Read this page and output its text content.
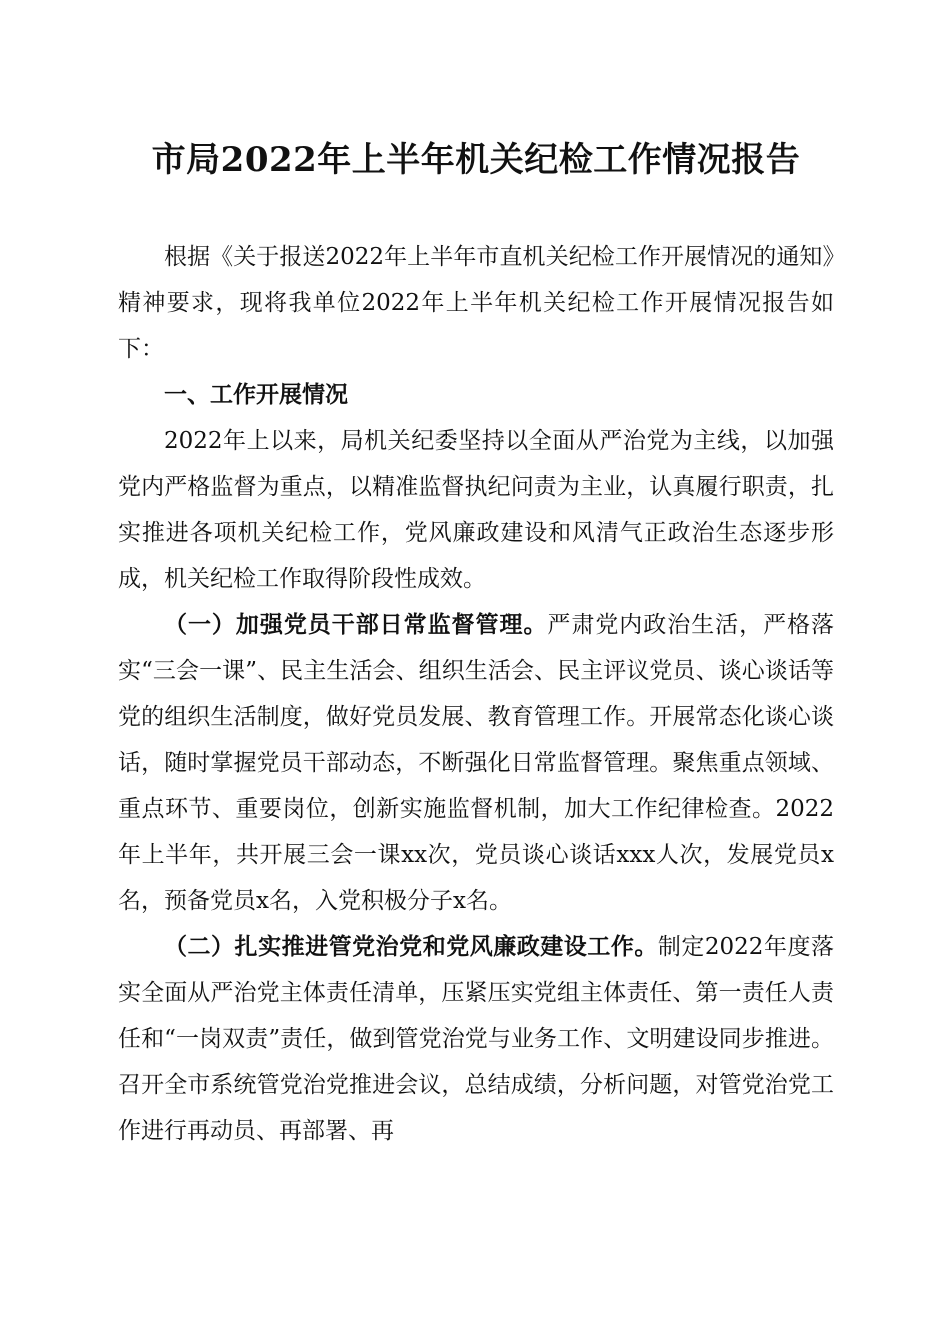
市局2022年上半年机关纪检工作情况报告

根据《关于报送2022年上半年市直机关纪检工作开展情况的通知》精神要求，现将我单位2022年上半年机关纪检工作开展情况报告如下：

一、工作开展情况

2022年上以来，局机关纪委坚持以全面从严治党为主线，以加强党内严格监督为重点，以精准监督执纪问责为主业，认真履行职责，扎实推进各项机关纪检工作，党风廉政建设和风清气正政治生态逐步形成，机关纪检工作取得阶段性成效。

（一）加强党员干部日常监督管理。严肃党内政治生活，严格落实“三会一课”、民主生活会、组织生活会、民主评议党员、谈心谈话等党的组织生活制度，做好党员发展、教育管理工作。开展常态化谈心谈话，随时掌握党员干部动态，不断强化日常监督管理。聚焦重点领域、重点环节、重要岗位，创新实施监督机制，加大工作纪律检查。2022年上半年，共开展三会一课xx次，党员谈心谈话xxx人次，发展党员x名，预备党员x名，入党积极分子x名。

（二）扎实推进管党治党和党风廉政建设工作。制定2022年度落实全面从严治党主体责任清单，压紧压实党组主体责任、第一责任人责任和“一岗双责”责任，做到管党治党与业务工作、文明建设同步推进。召开全市系统管党治党推进会议，总结成绩，分析问题，对管党治党工作进行再动员、再部署、再
